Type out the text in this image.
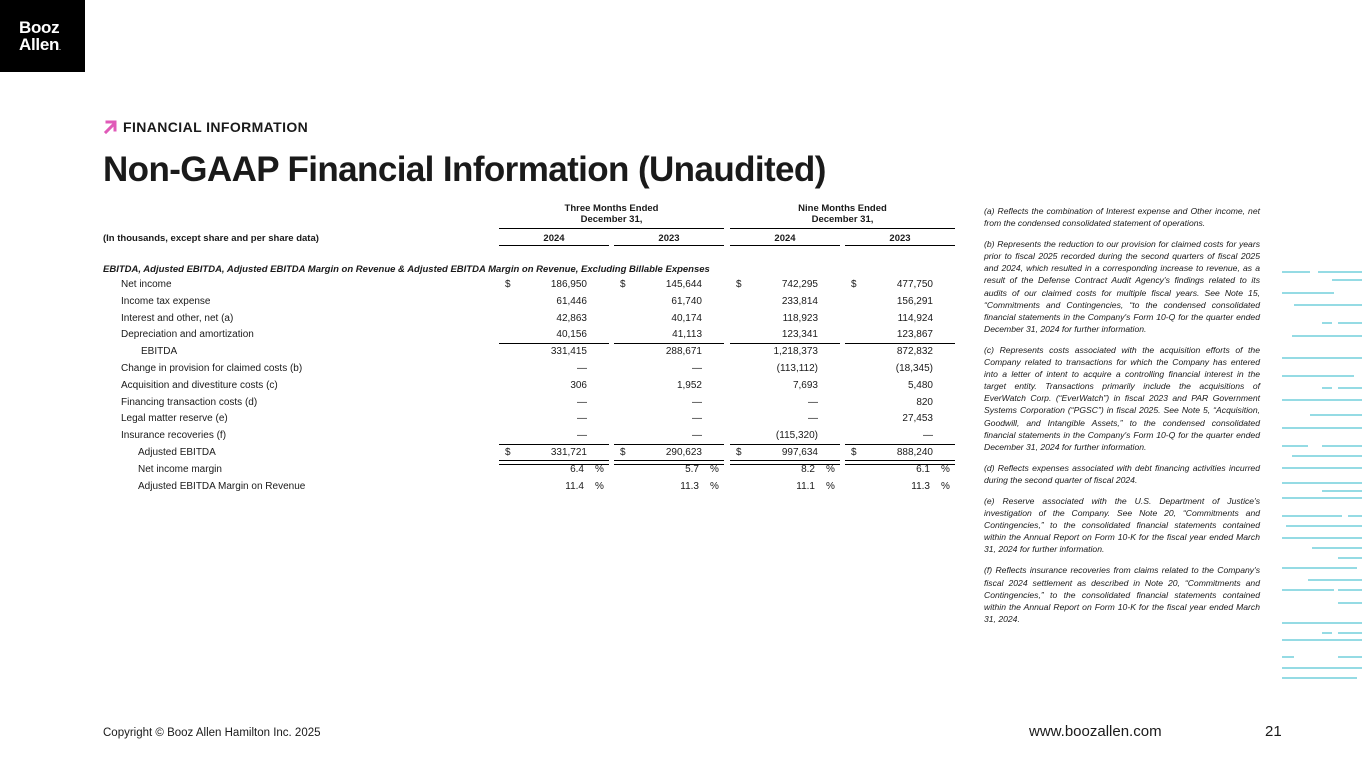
Booz
Allen.
FINANCIAL INFORMATION
Non-GAAP Financial Information (Unaudited)
Three Months Ended
December 31,
Nine Months Ended
December 31,
(In thousands, except share and per share data)	2024	2023	2024	2023
EBITDA, Adjusted EBITDA, Adjusted EBITDA Margin on Revenue & Adjusted EBITDA Margin on Revenue, Excluding Billable Expenses
Net income	$	186,950	$	145,644	$	742,295	$	477,750
Income tax expense	61,446	61,740	233,814	156,291
Interest and other, net (a)	42,863	40,174	118,923	114,924
Depreciation and amortization	40,156	41,113	123,341	123,867
EBITDA	331,415	288,671	1,218,373	872,832
Change in provision for claimed costs (b)	—	—	(113,112)	(18,345)
Acquisition and divestiture costs (c)	306	1,952	7,693	5,480
Financing transaction costs (d)	—	—	—	820
Legal matter reserve (e)	—	—	—	27,453
Insurance recoveries (f)	—	—	(115,320)	—
Adjusted EBITDA	$	331,721	$	290,623	$	997,634	$	888,240
Net income margin	6.4 %	5.7 %	8.2 %	6.1 %
Adjusted EBITDA Margin on Revenue	11.4 %	11.3 %	11.1 %	11.3 %

(a) Reflects the combination of Interest expense and Other income, net from the condensed consolidated statement of operations.

(b) Represents the reduction to our provision for claimed costs for years prior to fiscal 2025 recorded during the second quarters of fiscal 2025 and 2024, which resulted in a corresponding increase to revenue, as a result of the Defense Contract Audit Agency's findings related to its audits of our claimed costs for multiple fiscal years. See Note 15, “Commitments and Contingencies, “to the condensed consolidated financial statements in the Company's Form 10-Q for the quarter ended December 31, 2024 for further information.

(c) Represents costs associated with the acquisition efforts of the Company related to transactions for which the Company has entered into a letter of intent to acquire a controlling financial interest in the target entity. Transactions primarily include the acquisitions of EverWatch Corp. (“EverWatch”) in fiscal 2023 and PAR Government Systems Corporation (“PGSC”) in fiscal 2025. See Note 5, “Acquisition, Goodwill, and Intangible Assets,” to the condensed consolidated financial statements in the Company's Form 10-Q for the quarter ended December 31, 2024 for further information.

(d) Reflects expenses associated with debt financing activities incurred during the second quarter of fiscal 2024.

(e) Reserve associated with the U.S. Department of Justice's investigation of the Company. See Note 20, “Commitments and Contingencies,” to the consolidated financial statements contained within the Annual Report on Form 10-K for the fiscal year ended March 31, 2024 for further information.

(f) Reflects insurance recoveries from claims related to the Company's fiscal 2024 settlement as described in Note 20, “Commitments and Contingencies,” to the consolidated financial statements contained within the Annual Report on Form 10-K for the fiscal year ended March 31, 2024.

Copyright © Booz Allen Hamilton Inc. 2025	www.boozallen.com	21
